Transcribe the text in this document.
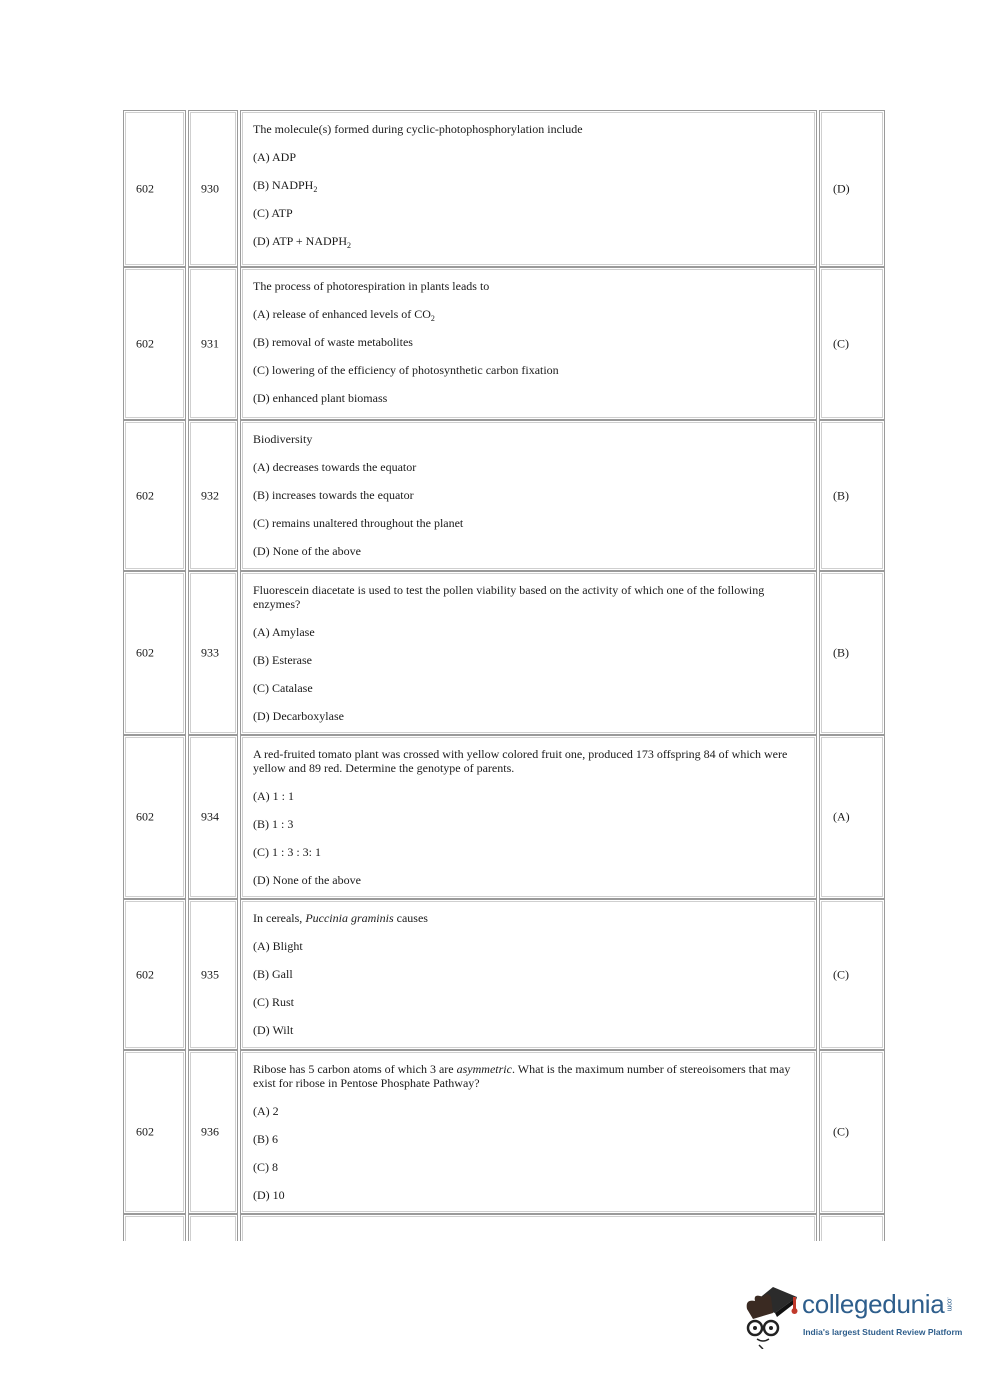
602	930

The molecule(s) formed during cyclic-photophosphorylation include

(A) ADP

(B) $NADPH_2$

(C) ATP

(D) ATP + $NADPH_2$

(D)
602	931

The process of photorespiration in plants leads to

(A) release of enhanced levels of $CO_2$

(B) removal of waste metabolites

(C) lowering of the efficiency of photosynthetic carbon fixation

(D) enhanced plant biomass

(C)
602	932

Biodiversity

(A) decreases towards the equator

(B) increases towards the equator

(C) remains unaltered throughout the planet

(D) None of the above

(B)
602	933

Fluorescein diacetate is used to test the pollen viability based on the activity of which one of the following enzymes?

(A) Amylase

(B) Esterase

(C) Catalase

(D) Decarboxylase

(B)
602	934

A red-fruited tomato plant was crossed with yellow colored fruit one, produced 173 offspring 84 of which were yellow and 89 red. Determine the genotype of parents.

(A) 1 : 1

(B) 1 : 3

(C) 1 : 3 : 3: 1

(D) None of the above

(A)
602	935

In cereals, Puccinia graminis causes

(A) Blight

(B) Gall

(C) Rust

(D) Wilt

(C)
602	936

Ribose has 5 carbon atoms of which 3 are asymmetric. What is the maximum number of stereoisomers that may exist for ribose in Pentose Phosphate Pathway?

(A) 2

(B) 6

(C) 8

(D) 10

(C)
collegedunia .com
India's largest Student Review Platform
